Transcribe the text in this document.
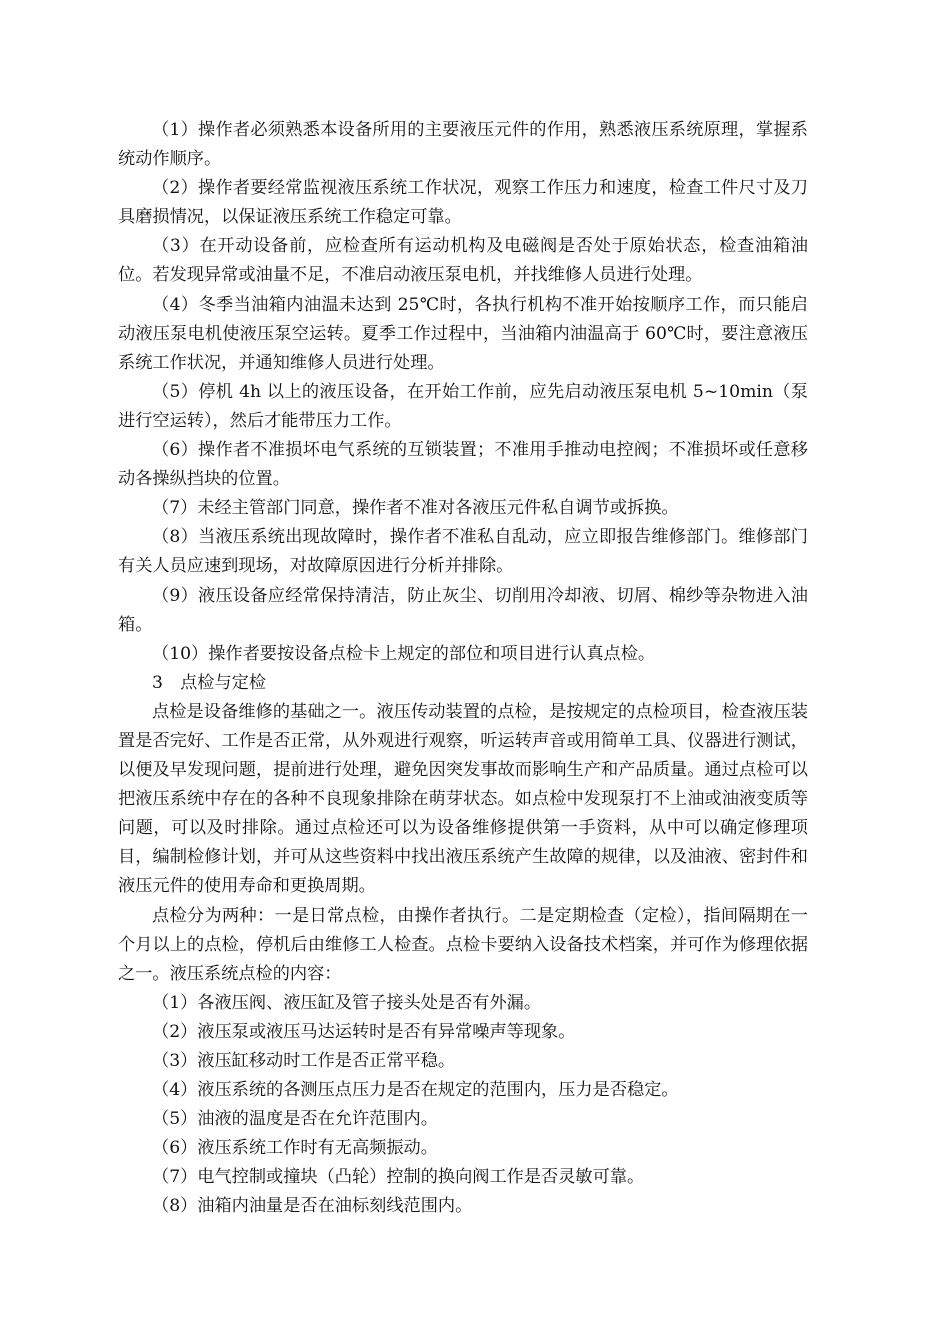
（1）操作者必须熟悉本设备所用的主要液压元件的作用，熟悉液压系统原理，掌握系统动作顺序。

（2）操作者要经常监视液压系统工作状况，观察工作压力和速度，检查工件尺寸及刀具磨损情况，以保证液压系统工作稳定可靠。

（3）在开动设备前，应检查所有运动机构及电磁阀是否处于原始状态，检查油箱油位。若发现异常或油量不足，不准启动液压泵电机，并找维修人员进行处理。

（4）冬季当油箱内油温未达到 25℃时，各执行机构不准开始按顺序工作，而只能启动液压泵电机使液压泵空运转。夏季工作过程中，当油箱内油温高于 60℃时，要注意液压系统工作状况，并通知维修人员进行处理。

（5）停机 4h 以上的液压设备，在开始工作前，应先启动液压泵电机 5~10min（泵进行空运转），然后才能带压力工作。

（6）操作者不准损坏电气系统的互锁装置；不准用手推动电控阀；不准损坏或任意移动各操纵挡块的位置。

（7）未经主管部门同意，操作者不准对各液压元件私自调节或拆换。

（8）当液压系统出现故障时，操作者不准私自乱动，应立即报告维修部门。维修部门有关人员应速到现场，对故障原因进行分析并排除。

（9）液压设备应经常保持清洁，防止灰尘、切削用冷却液、切屑、棉纱等杂物进入油箱。

（10）操作者要按设备点检卡上规定的部位和项目进行认真点检。

3　点检与定检

点检是设备维修的基础之一。液压传动装置的点检，是按规定的点检项目，检查液压装置是否完好、工作是否正常，从外观进行观察，听运转声音或用简单工具、仪器进行测试，以便及早发现问题，提前进行处理，避免因突发事故而影响生产和产品质量。通过点检可以把液压系统中存在的各种不良现象排除在萌芽状态。如点检中发现泵打不上油或油液变质等问题，可以及时排除。通过点检还可以为设备维修提供第一手资料，从中可以确定修理项目，编制检修计划，并可从这些资料中找出液压系统产生故障的规律，以及油液、密封件和液压元件的使用寿命和更换周期。

点检分为两种：一是日常点检，由操作者执行。二是定期检查（定检），指间隔期在一个月以上的点检，停机后由维修工人检查。点检卡要纳入设备技术档案，并可作为修理依据之一。液压系统点检的内容：

（1）各液压阀、液压缸及管子接头处是否有外漏。

（2）液压泵或液压马达运转时是否有异常噪声等现象。

（3）液压缸移动时工作是否正常平稳。

（4）液压系统的各测压点压力是否在规定的范围内，压力是否稳定。

（5）油液的温度是否在允许范围内。

（6）液压系统工作时有无高频振动。

（7）电气控制或撞块（凸轮）控制的换向阀工作是否灵敏可靠。

（8）油箱内油量是否在油标刻线范围内。
